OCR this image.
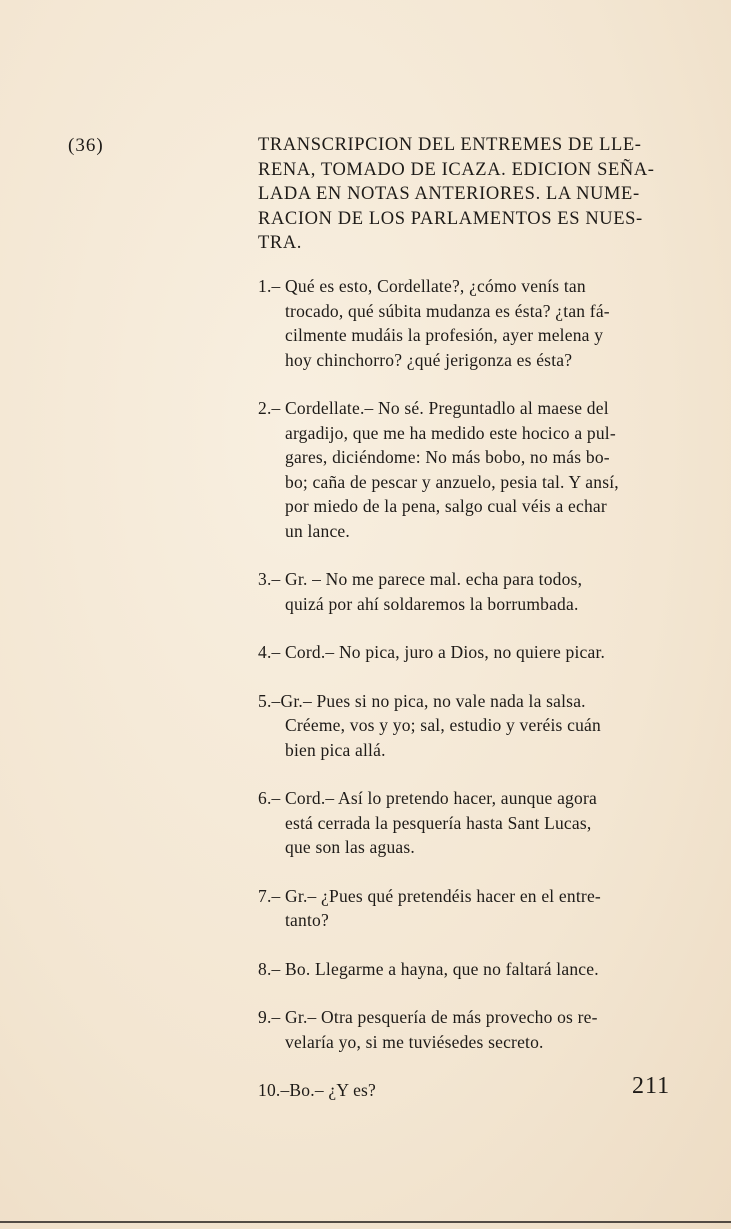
(36)	TRANSCRIPCION DEL ENTREMES DE LLE-
RENA, TOMADO DE ICAZA. EDICION SEÑA-
LADA EN NOTAS ANTERIORES. LA NUME-
RACION DE LOS PARLAMENTOS ES NUES-
TRA.
1.– Qué es esto, Cordellate?, ¿cómo venís tan
trocado, qué súbita mudanza es ésta? ¿tan fá-
cilmente mudáis la profesión, ayer melena y
hoy chinchorro? ¿qué jerigonza es ésta?
2.– Cordellate.– No sé. Preguntadlo al maese del
argadijo, que me ha medido este hocico a pul-
gares, diciéndome: No más bobo, no más bo-
bo; caña de pescar y anzuelo, pesia tal. Y ansí,
por miedo de la pena, salgo cual véis a echar
un lance.
3.– Gr. – No me parece mal. echa para todos,
quizá por ahí soldaremos la borrumbada.
4.– Cord.– No pica, juro a Dios, no quiere picar.
5.–Gr.– Pues si no pica, no vale nada la salsa.
Créeme, vos y yo; sal, estudio y veréis cuán
bien pica allá.
6.– Cord.– Así lo pretendo hacer, aunque agora
está cerrada la pesquería hasta Sant Lucas,
que son las aguas.
7.– Gr.– ¿Pues qué pretendéis hacer en el entre-
tanto?
8.– Bo. Llegarme a hayna, que no faltará lance.
9.– Gr.– Otra pesquería de más provecho os re-
velaría yo, si me tuviésedes secreto.
10.–Bo.– ¿Y es?	211
